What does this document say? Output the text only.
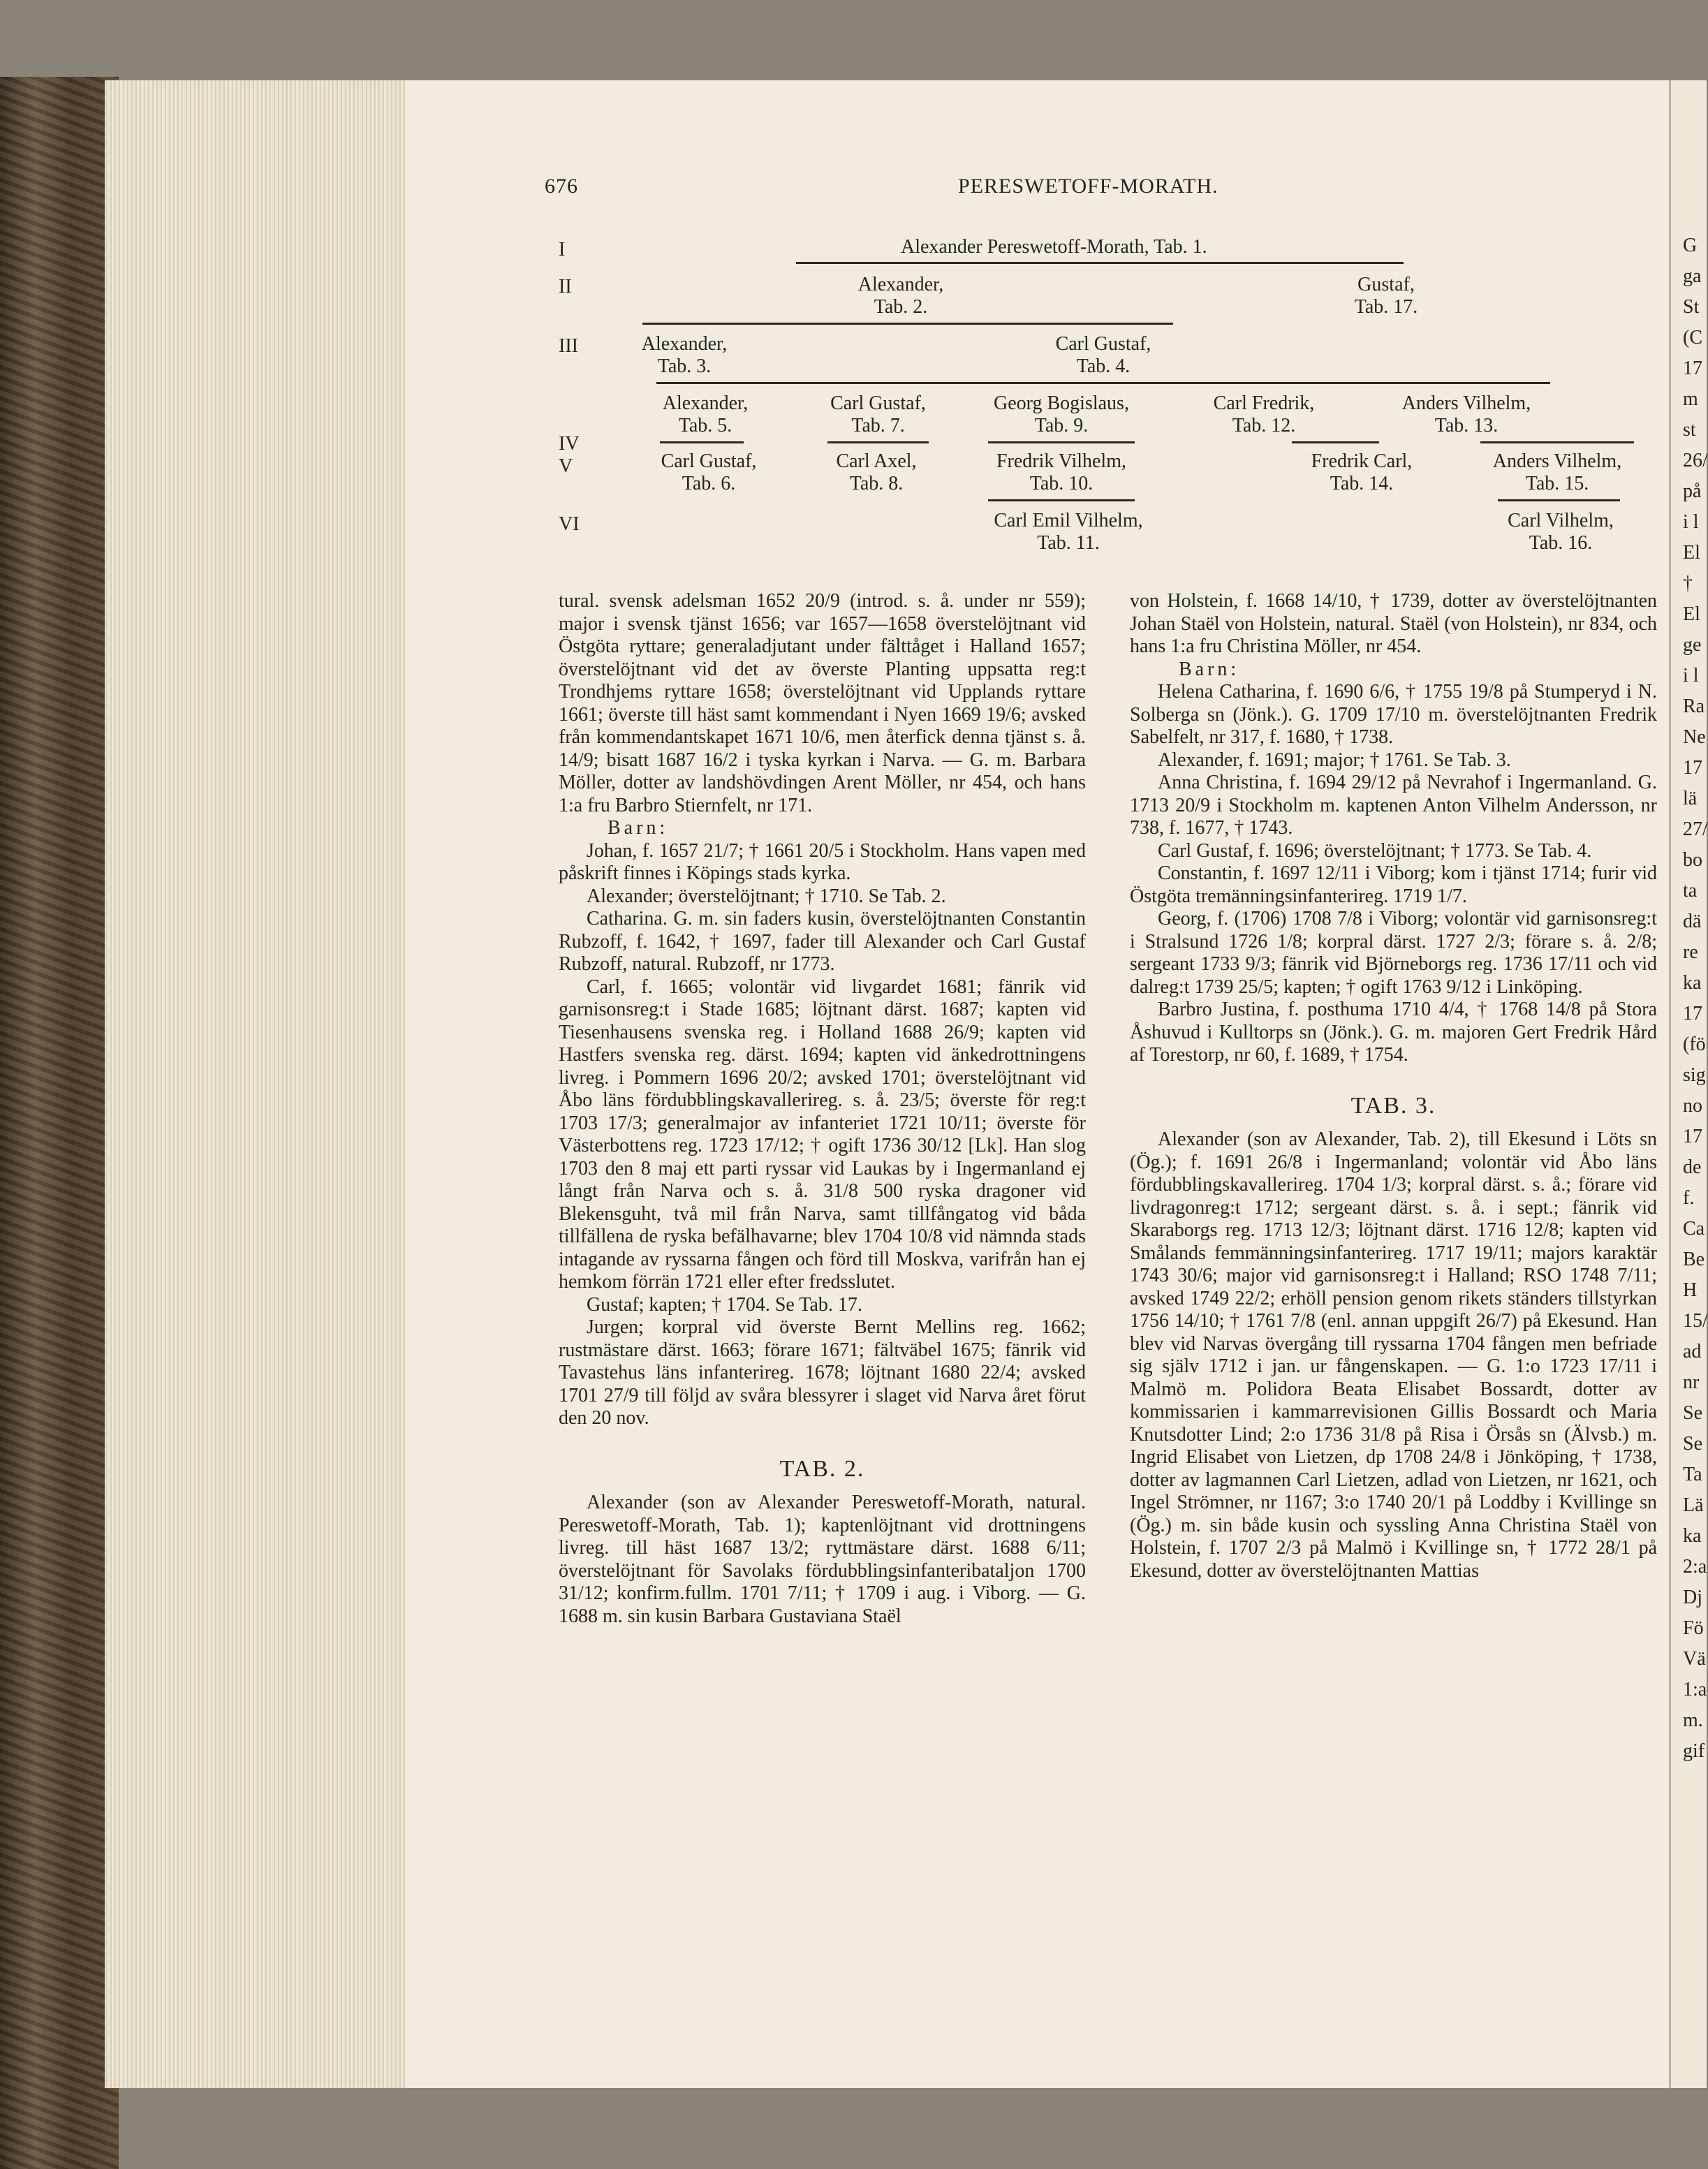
G
ga
St
(C
17
m
st
26/
på
i l
El
†
El
ge
i l
Ra
Ne
17
lä
27/
bo
ta
dä
re
ka
17
(fö
sig
no
17
de
f.
Ca
Be
H
15/
ad
nr
Se
Se
Ta
Lä
ka
2:a
Dj
Fö
Vä
1:a
m.
gif
676	PERESWETOFF-MORATH.
I
II
III
IV
V
VI
Alexander Pereswetoff-Morath, Tab. 1.
Alexander,
Tab. 2.
Gustaf,
Tab. 17.
Alexander,
Tab. 3.
Carl Gustaf,
Tab. 4.
Alexander,
Tab. 5.
Carl Gustaf,
Tab. 7.
Georg Bogislaus,
Tab. 9.
Carl Fredrik,
Tab. 12.
Anders Vilhelm,
Tab. 13.
Carl Gustaf,
Tab. 6.
Carl Axel,
Tab. 8.
Fredrik Vilhelm,
Tab. 10.
Fredrik Carl,
Tab. 14.
Anders Vilhelm,
Tab. 15.
Carl Emil Vilhelm,
Tab. 11.
Carl Vilhelm,
Tab. 16.

tural. svensk adelsman 1652 20/9 (introd. s. å. under nr 559); major i svensk tjänst 1656; var 1657—1658 överstelöjtnant vid Östgöta ryttare; generaladjutant under fälttåget i Halland 1657; överstelöjtnant vid det av överste Planting uppsatta reg:t Trondhjems ryttare 1658; överstelöjtnant vid Upplands ryttare 1661; överste till häst samt kommendant i Nyen 1669 19/6; avsked från kommendantskapet 1671 10/6, men återfick denna tjänst s. å. 14/9; bisatt 1687 16/2 i tyska kyrkan i Narva. — G. m. Barbara Möller, dotter av landshövdingen Arent Möller, nr 454, och hans 1:a fru Barbro Stiernfelt, nr 171.

Barn:

Johan, f. 1657 21/7; † 1661 20/5 i Stockholm. Hans vapen med påskrift finnes i Köpings stads kyrka.

Alexander; överstelöjtnant; † 1710. Se Tab. 2.

Catharina. G. m. sin faders kusin, överstelöjtnanten Constantin Rubzoff, f. 1642, † 1697, fader till Alexander och Carl Gustaf Rubzoff, natural. Rubzoff, nr 1773.

Carl, f. 1665; volontär vid livgardet 1681; fänrik vid garnisonsreg:t i Stade 1685; löjtnant därst. 1687; kapten vid Tiesenhausens svenska reg. i Holland 1688 26/9; kapten vid Hastfers svenska reg. därst. 1694; kapten vid änkedrottningens livreg. i Pommern 1696 20/2; avsked 1701; överstelöjtnant vid Åbo läns fördubblingskavallerireg. s. å. 23/5; överste för reg:t 1703 17/3; generalmajor av infanteriet 1721 10/11; överste för Västerbottens reg. 1723 17/12; † ogift 1736 30/12 [Lk]. Han slog 1703 den 8 maj ett parti ryssar vid Laukas by i Ingermanland ej långt från Narva och s. å. 31/8 500 ryska dragoner vid Blekensguht, två mil från Narva, samt tillfångatog vid båda tillfällena de ryska befälhavarne; blev 1704 10/8 vid nämnda stads intagande av ryssarna fången och förd till Moskva, varifrån han ej hemkom förrän 1721 eller efter fredsslutet.

Gustaf; kapten; † 1704. Se Tab. 17.

Jurgen; korpral vid överste Bernt Mellins reg. 1662; rustmästare därst. 1663; förare 1671; fältväbel 1675; fänrik vid Tavastehus läns infanterireg. 1678; löjtnant 1680 22/4; avsked 1701 27/9 till följd av svåra blessyrer i slaget vid Narva året förut den 20 nov.

TAB. 2.

Alexander (son av Alexander Pereswetoff-Morath, natural. Pereswetoff-Morath, Tab. 1); kaptenlöjtnant vid drottningens livreg. till häst 1687 13/2; ryttmästare därst. 1688 6/11; överstelöjtnant för Savolaks fördubblingsinfanteribataljon 1700 31/12; konfirm.fullm. 1701 7/11; † 1709 i aug. i Viborg. — G. 1688 m. sin kusin Barbara Gustaviana Staël

von Holstein, f. 1668 14/10, † 1739, dotter av överstelöjtnanten Johan Staël von Holstein, natural. Staël (von Holstein), nr 834, och hans 1:a fru Christina Möller, nr 454.

Barn:

Helena Catharina, f. 1690 6/6, † 1755 19/8 på Stumperyd i N. Solberga sn (Jönk.). G. 1709 17/10 m. överstelöjtnanten Fredrik Sabelfelt, nr 317, f. 1680, † 1738.

Alexander, f. 1691; major; † 1761. Se Tab. 3.

Anna Christina, f. 1694 29/12 på Nevrahof i Ingermanland. G. 1713 20/9 i Stockholm m. kaptenen Anton Vilhelm Andersson, nr 738, f. 1677, † 1743.

Carl Gustaf, f. 1696; överstelöjtnant; † 1773. Se Tab. 4.

Constantin, f. 1697 12/11 i Viborg; kom i tjänst 1714; furir vid Östgöta tremänningsinfanterireg. 1719 1/7.

Georg, f. (1706) 1708 7/8 i Viborg; volontär vid garnisonsreg:t i Stralsund 1726 1/8; korpral därst. 1727 2/3; förare s. å. 2/8; sergeant 1733 9/3; fänrik vid Björneborgs reg. 1736 17/11 och vid dalreg:t 1739 25/5; kapten; † ogift 1763 9/12 i Linköping.

Barbro Justina, f. posthuma 1710 4/4, † 1768 14/8 på Stora Åshuvud i Kulltorps sn (Jönk.). G. m. majoren Gert Fredrik Hård af Torestorp, nr 60, f. 1689, † 1754.

TAB. 3.

Alexander (son av Alexander, Tab. 2), till Ekesund i Löts sn (Ög.); f. 1691 26/8 i Ingermanland; volontär vid Åbo läns fördubblingskavallerireg. 1704 1/3; korpral därst. s. å.; förare vid livdragonreg:t 1712; sergeant därst. s. å. i sept.; fänrik vid Skaraborgs reg. 1713 12/3; löjtnant därst. 1716 12/8; kapten vid Smålands femmänningsinfanterireg. 1717 19/11; majors karaktär 1743 30/6; major vid garnisonsreg:t i Halland; RSO 1748 7/11; avsked 1749 22/2; erhöll pension genom rikets ständers tillstyrkan 1756 14/10; † 1761 7/8 (enl. annan uppgift 26/7) på Ekesund. Han blev vid Narvas övergång till ryssarna 1704 fången men befriade sig själv 1712 i jan. ur fångenskapen. — G. 1:o 1723 17/11 i Malmö m. Polidora Beata Elisabet Bossardt, dotter av kommissarien i kammarrevisionen Gillis Bossardt och Maria Knutsdotter Lind; 2:o 1736 31/8 på Risa i Örsås sn (Älvsb.) m. Ingrid Elisabet von Lietzen, dp 1708 24/8 i Jönköping, † 1738, dotter av lagmannen Carl Lietzen, adlad von Lietzen, nr 1621, och Ingel Strömner, nr 1167; 3:o 1740 20/1 på Loddby i Kvillinge sn (Ög.) m. sin både kusin och syssling Anna Christina Staël von Holstein, f. 1707 2/3 på Malmö i Kvillinge sn, † 1772 28/1 på Ekesund, dotter av överstelöjtnanten Mattias
